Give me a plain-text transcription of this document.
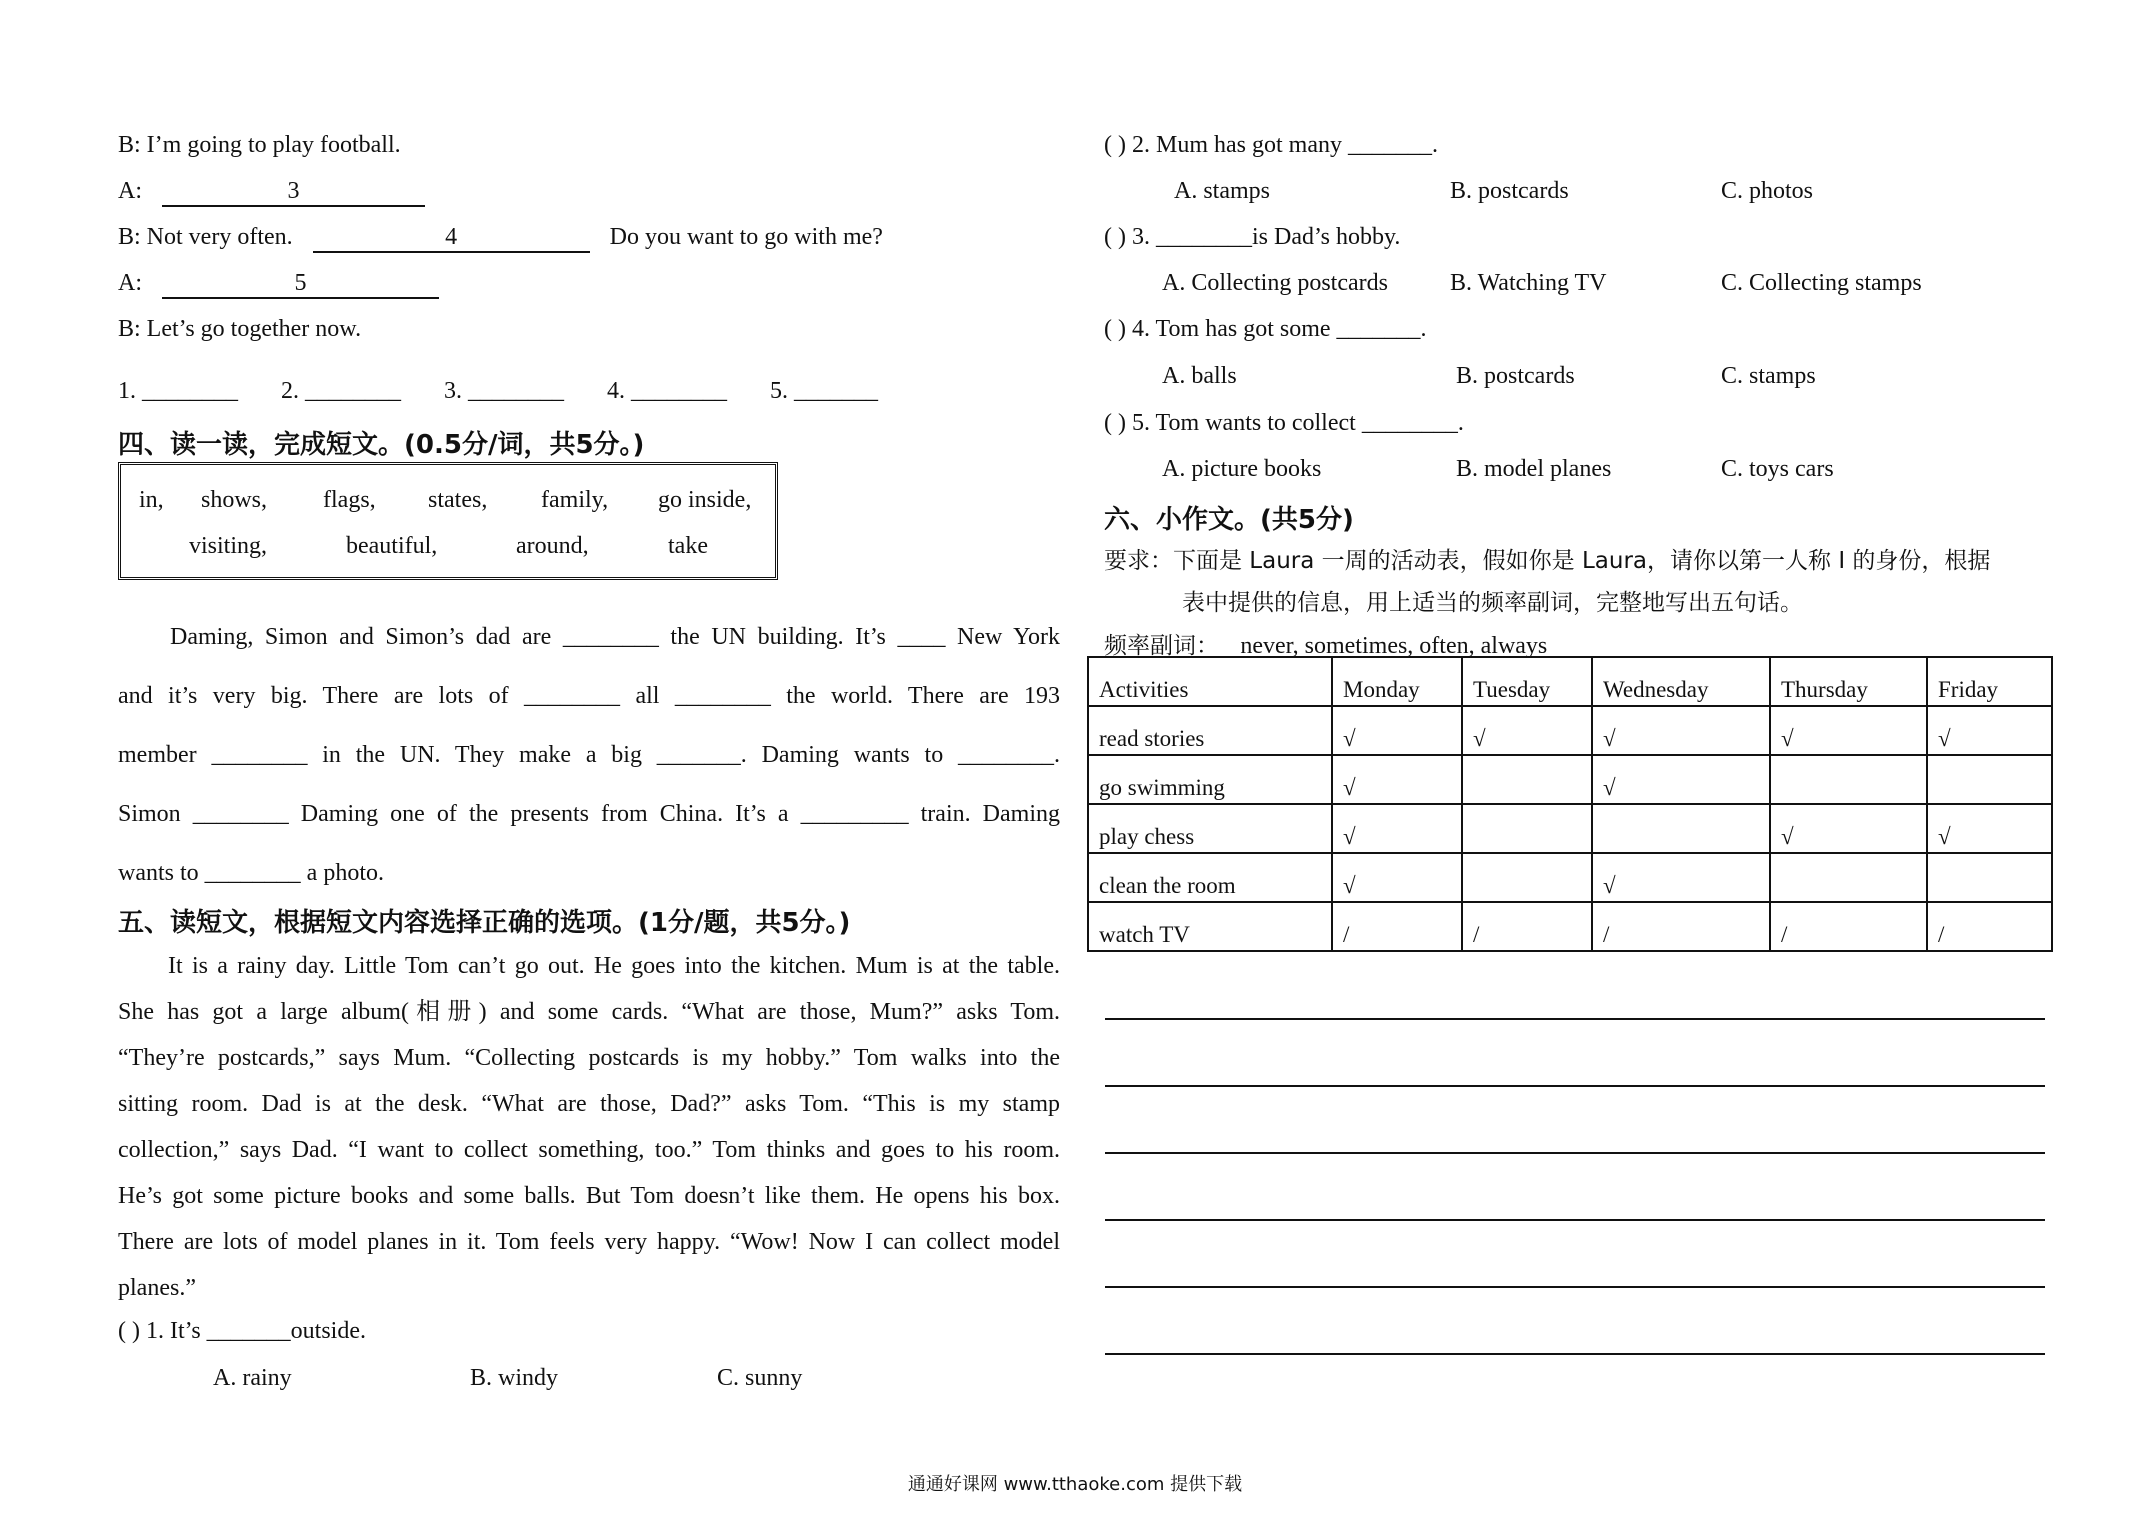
B: I’m going to play football.
A:	3
B: Not very often.	4	Do you want to go with me?
A:	5
B: Let’s go together now.
1. ________ 2. ________ 3. ________ 4. ________ 5. _______
四、读一读，完成短文。(0.5分/词，共5分。)
in, shows, flags, states, family, go inside,
visiting,	beautiful,	around,	take
Daming, Simon and Simon’s dad are ________ the UN building. It’s ____ New York
and it’s very big. There are lots of ________ all ________ the world. There are 193
member ________ in the UN. They make a big _______. Daming wants to ________.
Simon ________ Daming one of the presents from China. It’s a _________ train. Daming
wants to ________ a photo.
五、读短文，根据短文内容选择正确的选项。(1分/题，共5分。)
It is a rainy day. Little Tom can’t go out. He goes into the kitchen. Mum is at the table.
She has got a large album(相册) and some cards. “What are those, Mum?” asks Tom.
“They’re postcards,” says Mum. “Collecting postcards is my hobby.” Tom walks into the
sitting room. Dad is at the desk. “What are those, Dad?” asks Tom. “This is my stamp
collection,” says Dad. “I want to collect something, too.” Tom thinks and goes to his room.
He’s got some picture books and some balls. But Tom doesn’t like them. He opens his box.
There are lots of model planes in it. Tom feels very happy. “Wow! Now I can collect model
planes.”
( ) 1. It’s _______outside.
A. rainy	B. windy	C. sunny
( ) 2. Mum has got many _______.
A. stamps	B. postcards	C. photos
( ) 3. ________is Dad’s hobby.
A. Collecting postcards	B. Watching TV	C. Collecting stamps
( ) 4. Tom has got some _______.
A. balls	B. postcards	C. stamps
( ) 5. Tom wants to collect ________.
A. picture books	B. model planes	C. toys cars
六、小作文。(共5分)
要求：下面是 Laura 一周的活动表，假如你是 Laura，请你以第一人称 I 的身份，根据
表中提供的信息，用上适当的频率副词，完整地写出五句话。
频率副词： never, sometimes, often, always
Activities	Monday	Tuesday	Wednesday	Thursday	Friday
read stories	√	√	√	√	√
go swimming	√		√		
play chess	√			√	√
clean the room	√		√		
watch TV	/	/	/	/	/
通通好课网 www.tthaoke.com 提供下载
